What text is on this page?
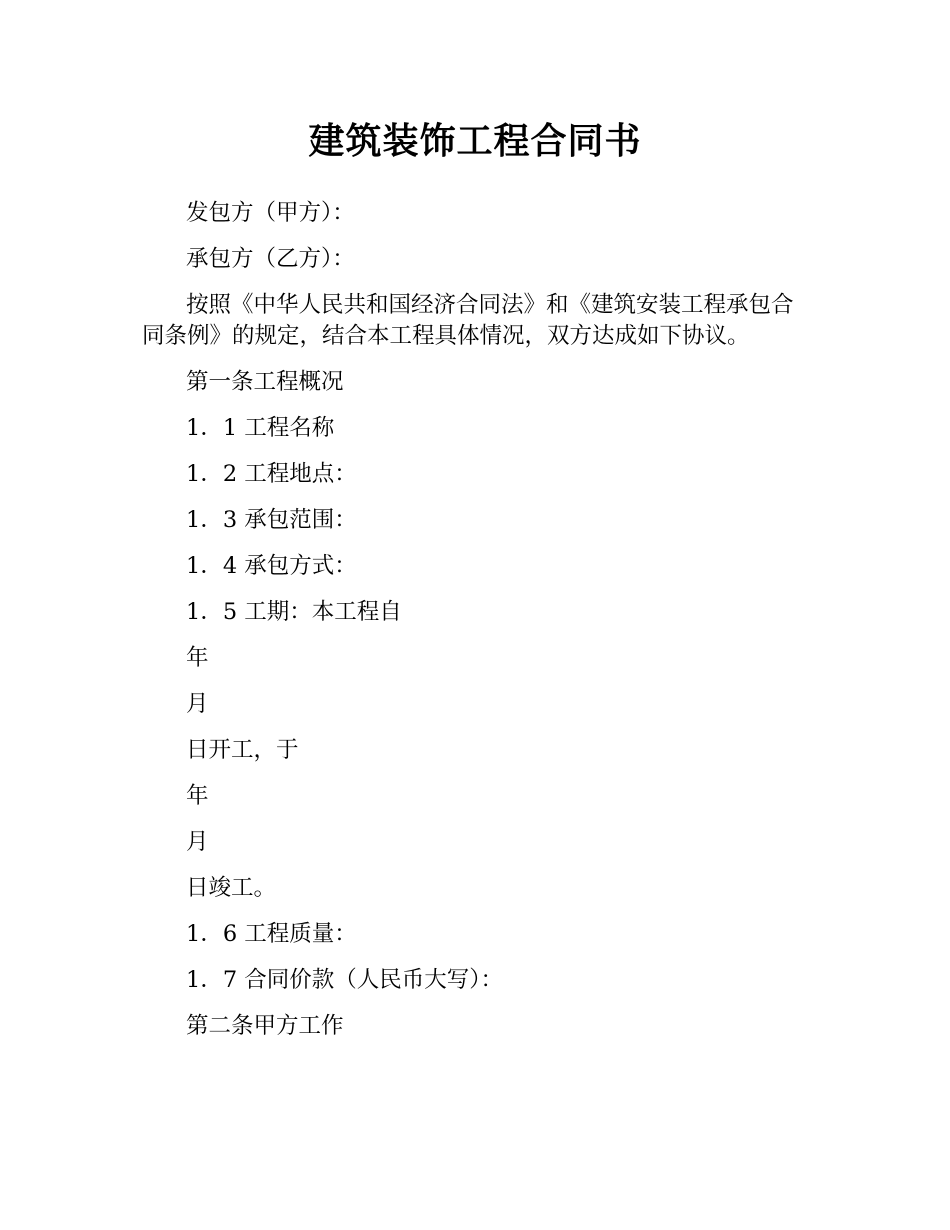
建筑装饰工程合同书

发包方（甲方）：

承包方（乙方）：

按照《中华人民共和国经济合同法》和《建筑安装工程承包合同条例》的规定，结合本工程具体情况，双方达成如下协议。

第一条工程概况

1．1 工程名称

1．2 工程地点：

1．3 承包范围：

1．4 承包方式：

1．5 工期：本工程自

年

月

日开工，于

年

月

日竣工。

1．6 工程质量：

1．7 合同价款（人民币大写）：

第二条甲方工作
